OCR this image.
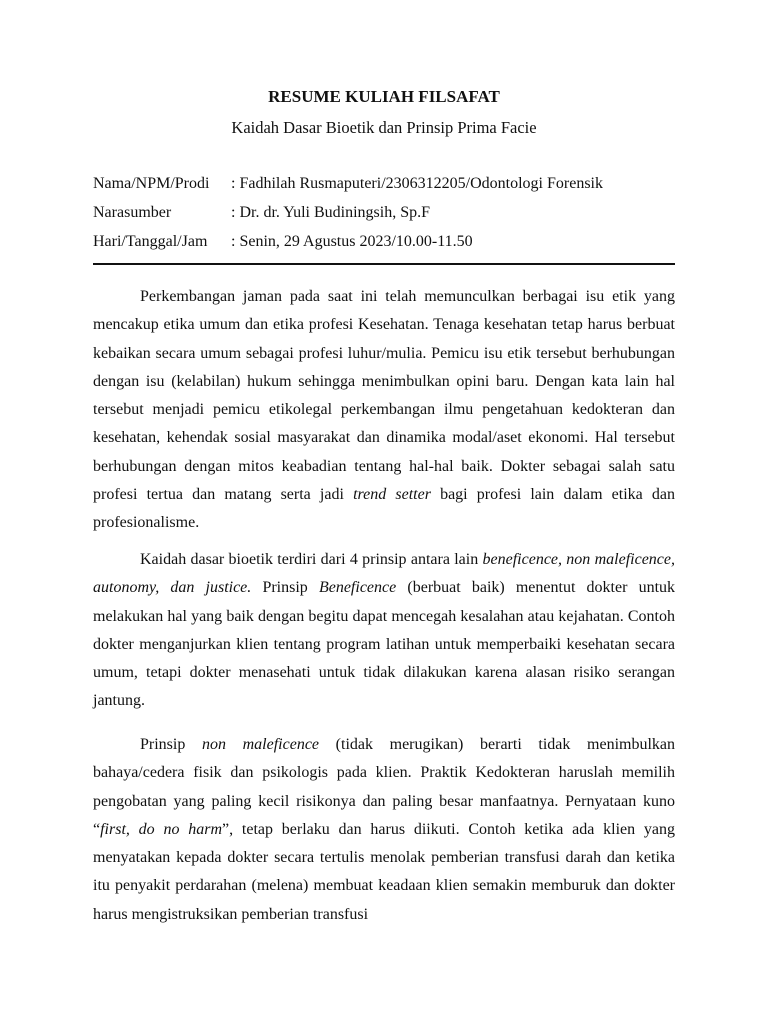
RESUME KULIAH FILSAFAT

Kaidah Dasar Bioetik dan Prinsip Prima Facie

Nama/NPM/Prodi	: Fadhilah Rusmaputeri/2306312205/Odontologi Forensik
Narasumber	: Dr. dr. Yuli Budiningsih, Sp.F
Hari/Tanggal/Jam	: Senin, 29 Agustus 2023/10.00-11.50

Perkembangan jaman pada saat ini telah memunculkan berbagai isu etik yang mencakup etika umum dan etika profesi Kesehatan. Tenaga kesehatan tetap harus berbuat kebaikan secara umum sebagai profesi luhur/mulia. Pemicu isu etik tersebut berhubungan dengan isu (kelabilan) hukum sehingga menimbulkan opini baru. Dengan kata lain hal tersebut menjadi pemicu etikolegal perkembangan ilmu pengetahuan kedokteran dan kesehatan, kehendak sosial masyarakat dan dinamika modal/aset ekonomi. Hal tersebut berhubungan dengan mitos keabadian tentang hal-hal baik. Dokter sebagai salah satu profesi tertua dan matang serta jadi trend setter bagi profesi lain dalam etika dan profesionalisme.

Kaidah dasar bioetik terdiri dari 4 prinsip antara lain beneficence, non maleficence, autonomy, dan justice. Prinsip Beneficence (berbuat baik) menentut dokter untuk melakukan hal yang baik dengan begitu dapat mencegah kesalahan atau kejahatan. Contoh dokter menganjurkan klien tentang program latihan untuk memperbaiki kesehatan secara umum, tetapi dokter menasehati untuk tidak dilakukan karena alasan risiko serangan jantung.

Prinsip non maleficence (tidak merugikan) berarti tidak menimbulkan bahaya/cedera fisik dan psikologis pada klien. Praktik Kedokteran haruslah memilih pengobatan yang paling kecil risikonya dan paling besar manfaatnya. Pernyataan kuno “first, do no harm”, tetap berlaku dan harus diikuti. Contoh ketika ada klien yang menyatakan kepada dokter secara tertulis menolak pemberian transfusi darah dan ketika itu penyakit perdarahan (melena) membuat keadaan klien semakin memburuk dan dokter harus mengistruksikan pemberian transfusi
